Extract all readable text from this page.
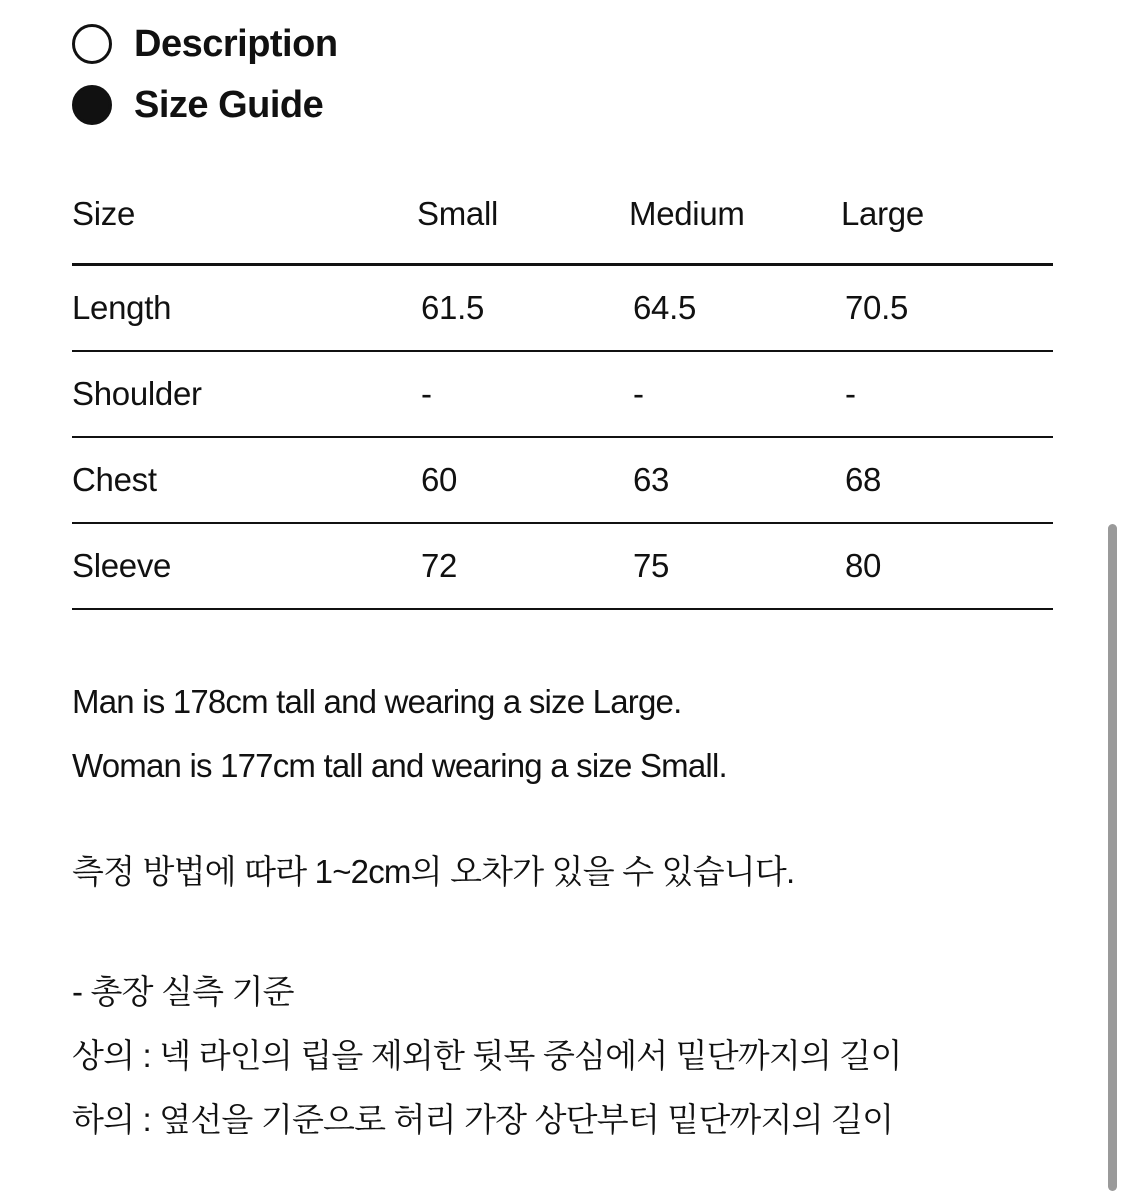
Description
Size Guide
Size	Small	Medium	Large
Length	61.5	64.5	70.5
Shoulder	-	-	-
Chest	60	63	68
Sleeve	72	75	80
Man is 178cm tall and wearing a size Large.
Woman is 177cm tall and wearing a size Small.
측정 방법에 따라 1~2cm의 오차가 있을 수 있습니다.
- 총장 실측 기준
상의 : 넥 라인의 립을 제외한 뒷목 중심에서 밑단까지의 길이
하의 : 옆선을 기준으로 허리 가장 상단부터 밑단까지의 길이
